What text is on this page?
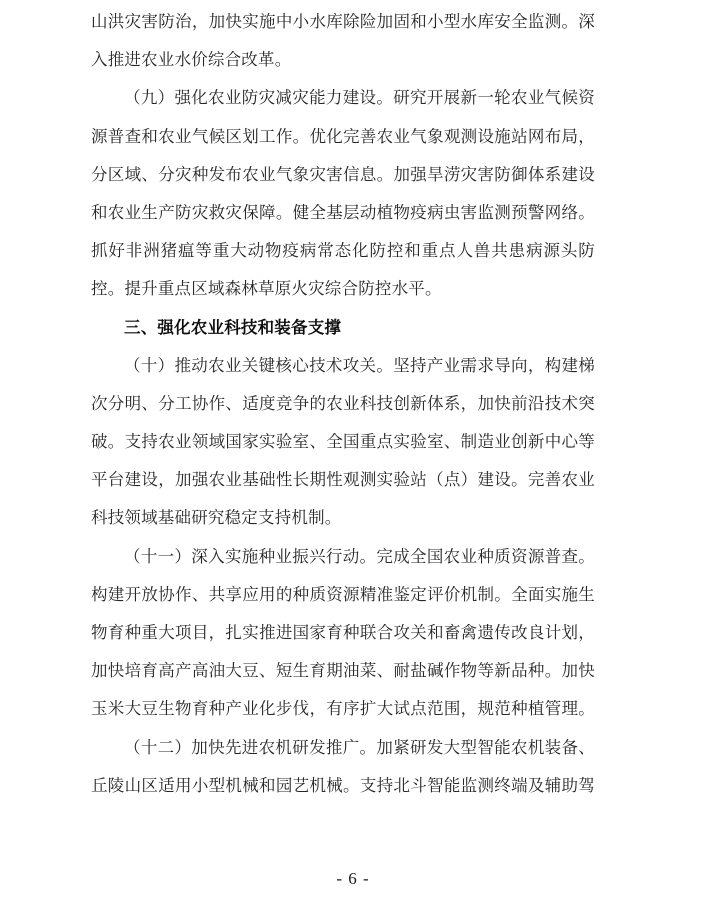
山洪灾害防治，加快实施中小水库除险加固和小型水库安全监测。深
入推进农业水价综合改革。
（九）强化农业防灾减灾能力建设。研究开展新一轮农业气候资
源普查和农业气候区划工作。优化完善农业气象观测设施站网布局，
分区域、分灾种发布农业气象灾害信息。加强旱涝灾害防御体系建设
和农业生产防灾救灾保障。健全基层动植物疫病虫害监测预警网络。
抓好非洲猪瘟等重大动物疫病常态化防控和重点人兽共患病源头防
控。提升重点区域森林草原火灾综合防控水平。
三、强化农业科技和装备支撑
（十）推动农业关键核心技术攻关。坚持产业需求导向，构建梯
次分明、分工协作、适度竞争的农业科技创新体系，加快前沿技术突
破。支持农业领域国家实验室、全国重点实验室、制造业创新中心等
平台建设，加强农业基础性长期性观测实验站（点）建设。完善农业
科技领域基础研究稳定支持机制。
（十一）深入实施种业振兴行动。完成全国农业种质资源普查。
构建开放协作、共享应用的种质资源精准鉴定评价机制。全面实施生
物育种重大项目，扎实推进国家育种联合攻关和畜禽遗传改良计划，
加快培育高产高油大豆、短生育期油菜、耐盐碱作物等新品种。加快
玉米大豆生物育种产业化步伐，有序扩大试点范围，规范种植管理。
（十二）加快先进农机研发推广。加紧研发大型智能农机装备、
丘陵山区适用小型机械和园艺机械。支持北斗智能监测终端及辅助驾
- 6 -
